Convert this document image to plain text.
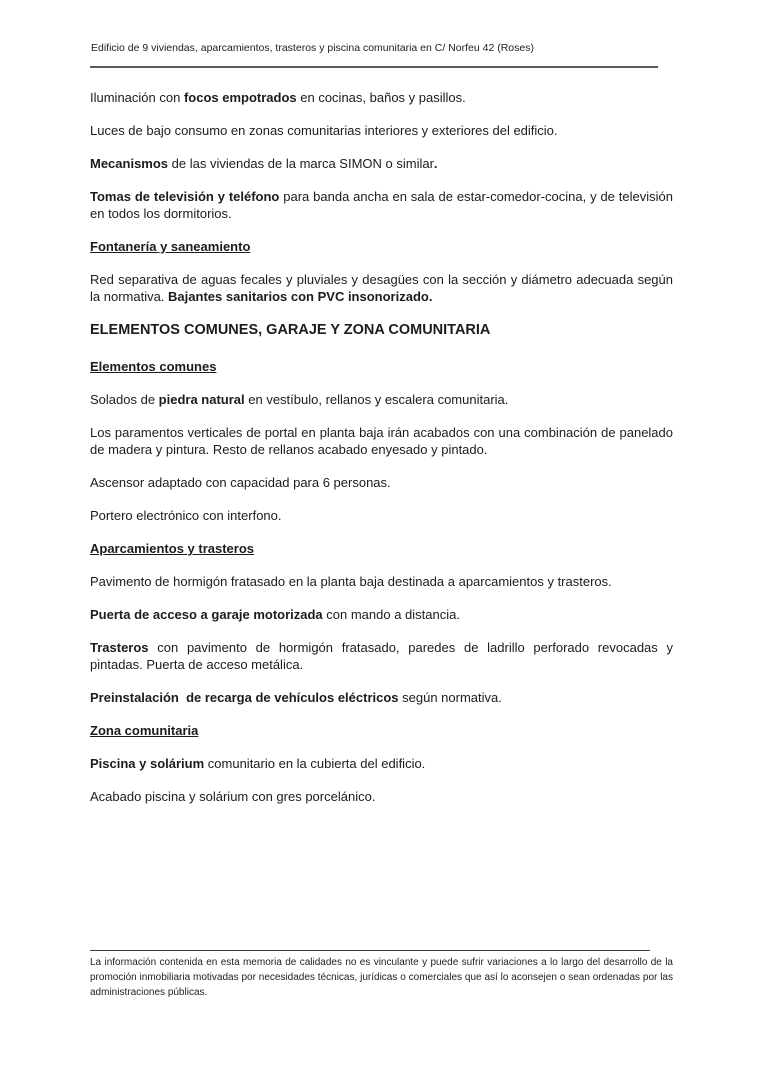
Edificio de 9 viviendas, aparcamientos, trasteros y piscina comunitaria en C/ Norfeu 42 (Roses)

Iluminación con focos empotrados en cocinas, baños y pasillos.

Luces de bajo consumo en zonas comunitarias interiores y exteriores del edificio.

Mecanismos de las viviendas de la marca SIMON o similar.

Tomas de televisión y teléfono para banda ancha en sala de estar-comedor-cocina, y de televisión en todos los dormitorios.

Fontanería y saneamiento

Red separativa de aguas fecales y pluviales y desagües con la sección y diámetro adecuada según la normativa. Bajantes sanitarios con PVC insonorizado.

ELEMENTOS COMUNES, GARAJE Y ZONA COMUNITARIA
Elementos comunes

Solados de piedra natural en vestíbulo, rellanos y escalera comunitaria.

Los paramentos verticales de portal en planta baja irán acabados con una combinación de panelado de madera y pintura. Resto de rellanos acabado enyesado y pintado.

Ascensor adaptado con capacidad para 6 personas.

Portero electrónico con interfono.

Aparcamientos y trasteros

Pavimento de hormigón fratasado en la planta baja destinada a aparcamientos y trasteros.

Puerta de acceso a garaje motorizada con mando a distancia.

Trasteros con pavimento de hormigón fratasado, paredes de ladrillo perforado revocadas y pintadas. Puerta de acceso metálica.

Preinstalación  de recarga de vehículos eléctricos según normativa.

Zona comunitaria

Piscina y solárium comunitario en la cubierta del edificio.

Acabado piscina y solárium con gres porcelánico.

La información contenida en esta memoria de calidades no es vinculante y puede sufrir variaciones a lo largo del desarrollo de la promoción inmobiliaria motivadas por necesidades técnicas, jurídicas o comerciales que así lo aconsejen o sean ordenadas por las administraciones públicas.
